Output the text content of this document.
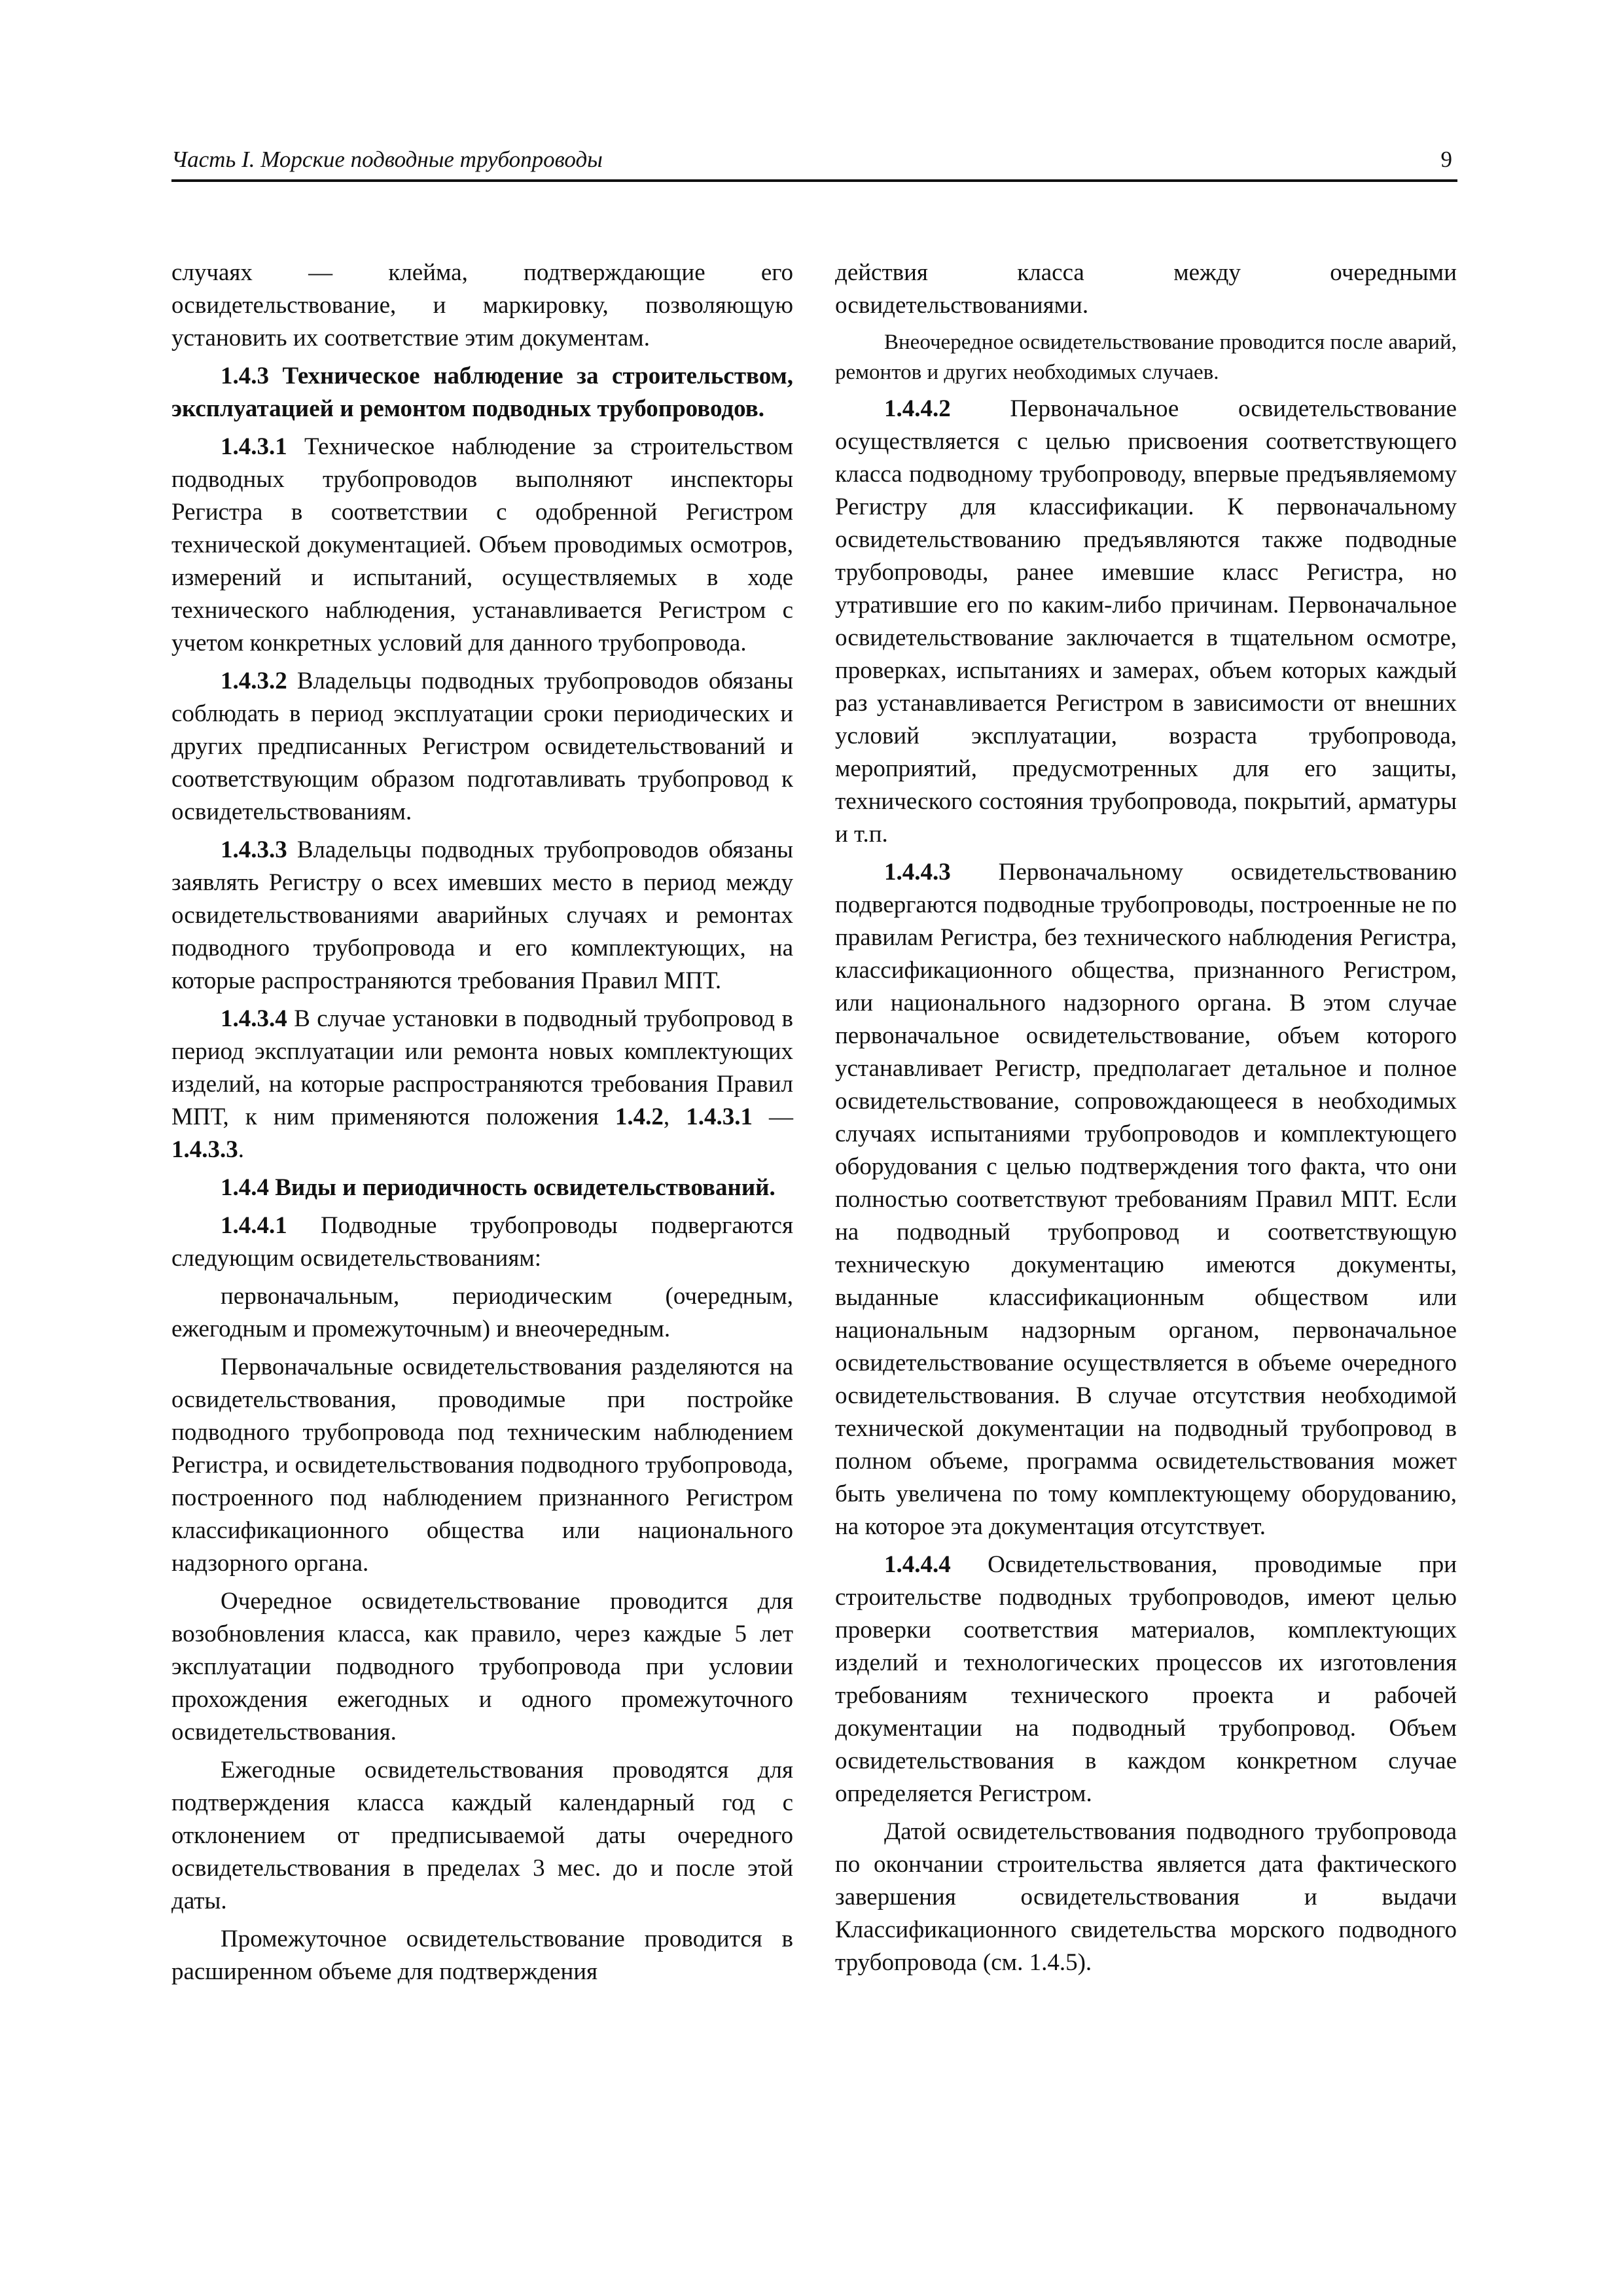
Часть I. Морские подводные трубопроводы	9

случаях — клейма, подтверждающие его освидетельствование, и маркировку, позволяющую установить их соответствие этим документам.

1.4.3 Техническое наблюдение за строительством, эксплуатацией и ремонтом подводных трубопроводов.

1.4.3.1 Техническое наблюдение за строительством подводных трубопроводов выполняют инспекторы Регистра в соответствии с одобренной Регистром технической документацией. Объем проводимых осмотров, измерений и испытаний, осуществляемых в ходе технического наблюдения, устанавливается Регистром с учетом конкретных условий для данного трубопровода.

1.4.3.2 Владельцы подводных трубопроводов обязаны соблюдать в период эксплуатации сроки периодических и других предписанных Регистром освидетельствований и соответствующим образом подготавливать трубопровод к освидетельствованиям.

1.4.3.3 Владельцы подводных трубопроводов обязаны заявлять Регистру о всех имевших место в период между освидетельствованиями аварийных случаях и ремонтах подводного трубопровода и его комплектующих, на которые распространяются требования Правил МПТ.

1.4.3.4 В случае установки в подводный трубопровод в период эксплуатации или ремонта новых комплектующих изделий, на которые распространяются требования Правил МПТ, к ним применяются положения 1.4.2, 1.4.3.1 — 1.4.3.3.

1.4.4 Виды и периодичность освидетельствований.

1.4.4.1 Подводные трубопроводы подвергаются следующим освидетельствованиям:

первоначальным, периодическим (очередным, ежегодным и промежуточным) и внеочередным.

Первоначальные освидетельствования разделяются на освидетельствования, проводимые при постройке подводного трубопровода под техническим наблюдением Регистра, и освидетельствования подводного трубопровода, построенного под наблюдением признанного Регистром классификационного общества или национального надзорного органа.

Очередное освидетельствование проводится для возобновления класса, как правило, через каждые 5 лет эксплуатации подводного трубопровода при условии прохождения ежегодных и одного промежуточного освидетельствования.

Ежегодные освидетельствования проводятся для подтверждения класса каждый календарный год с отклонением от предписываемой даты очередного освидетельствования в пределах 3 мес. до и после этой даты.

Промежуточное освидетельствование проводится в расширенном объеме для подтверждения

действия класса между очередными освидетельствованиями.

Внеочередное освидетельствование проводится после аварий, ремонтов и других необходимых случаев.

1.4.4.2 Первоначальное освидетельствование осуществляется с целью присвоения соответствующего класса подводному трубопроводу, впервые предъявляемому Регистру для классификации. К первоначальному освидетельствованию предъявляются также подводные трубопроводы, ранее имевшие класс Регистра, но утратившие его по каким-либо причинам. Первоначальное освидетельствование заключается в тщательном осмотре, проверках, испытаниях и замерах, объем которых каждый раз устанавливается Регистром в зависимости от внешних условий эксплуатации, возраста трубопровода, мероприятий, предусмотренных для его защиты, технического состояния трубопровода, покрытий, арматуры и т.п.

1.4.4.3 Первоначальному освидетельствованию подвергаются подводные трубопроводы, построенные не по правилам Регистра, без технического наблюдения Регистра, классификационного общества, признанного Регистром, или национального надзорного органа. В этом случае первоначальное освидетельствование, объем которого устанавливает Регистр, предполагает детальное и полное освидетельствование, сопровождающееся в необходимых случаях испытаниями трубопроводов и комплектующего оборудования с целью подтверждения того факта, что они полностью соответствуют требованиям Правил МПТ. Если на подводный трубопровод и соответствующую техническую документацию имеются документы, выданные классификационным обществом или национальным надзорным органом, первоначальное освидетельствование осуществляется в объеме очередного освидетельствования. В случае отсутствия необходимой технической документации на подводный трубопровод в полном объеме, программа освидетельствования может быть увеличена по тому комплектующему оборудованию, на которое эта документация отсутствует.

1.4.4.4 Освидетельствования, проводимые при строительстве подводных трубопроводов, имеют целью проверки соответствия материалов, комплектующих изделий и технологических процессов их изготовления требованиям технического проекта и рабочей документации на подводный трубопровод. Объем освидетельствования в каждом конкретном случае определяется Регистром.

Датой освидетельствования подводного трубопровода по окончании строительства является дата фактического завершения освидетельствования и выдачи Классификационного свидетельства морского подводного трубопровода (см. 1.4.5).
